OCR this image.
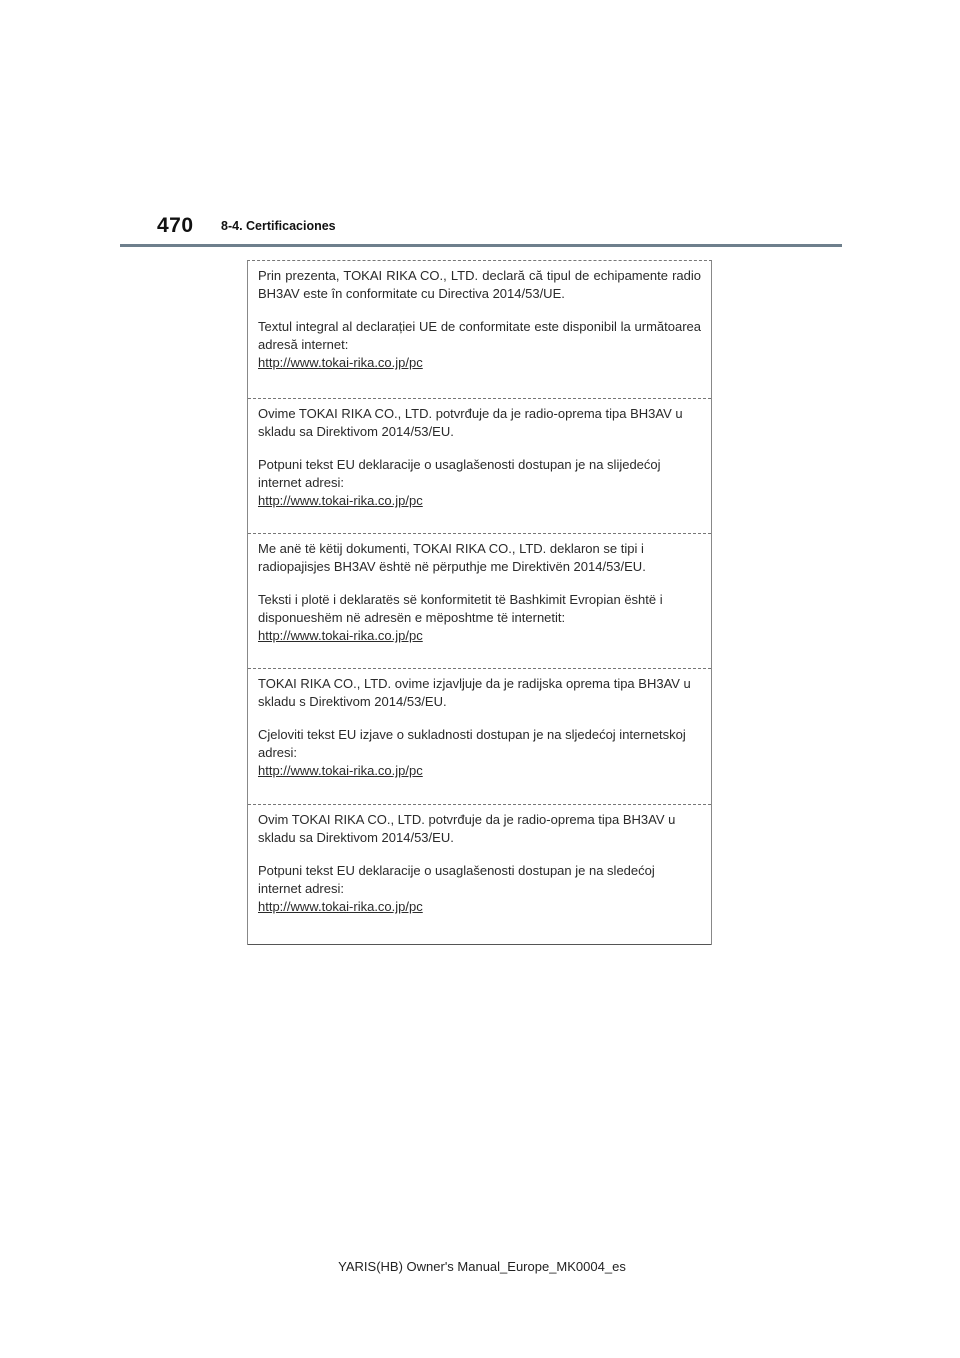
470 8-4. Certificaciones

Prin prezenta, TOKAI RIKA CO., LTD. declară că tipul de echipamente radio BH3AV este în conformitate cu Directiva 2014/53/UE.

Textul integral al declarației UE de conformitate este disponibil la următoarea adresă internet:

http://www.tokai-rika.co.jp/pc

Ovime TOKAI RIKA CO., LTD. potvrđuje da je radio-oprema tipa BH3AV u skladu sa Direktivom 2014/53/EU.

Potpuni tekst EU deklaracije o usaglašenosti dostupan je na slijedećoj internet adresi:

http://www.tokai-rika.co.jp/pc

Me anë të këtij dokumenti, TOKAI RIKA CO., LTD. deklaron se tipi i radiopajisjes BH3AV është në përputhje me Direktivën 2014/53/EU.

Teksti i plotë i deklaratës së konformitetit të Bashkimit Evropian është i disponueshëm në adresën e mëposhtme të internetit:

http://www.tokai-rika.co.jp/pc

TOKAI RIKA CO., LTD. ovime izjavljuje da je radijska oprema tipa BH3AV u skladu s Direktivom 2014/53/EU.

Cjeloviti tekst EU izjave o sukladnosti dostupan je na sljedećoj internetskoj adresi:

http://www.tokai-rika.co.jp/pc

Ovim TOKAI RIKA CO., LTD. potvrđuje da je radio-oprema tipa BH3AV u skladu sa Direktivom 2014/53/EU.

Potpuni tekst EU deklaracije o usaglašenosti dostupan je na sledećoj internet adresi:

http://www.tokai-rika.co.jp/pc
YARIS(HB) Owner's Manual_Europe_MK0004_es
